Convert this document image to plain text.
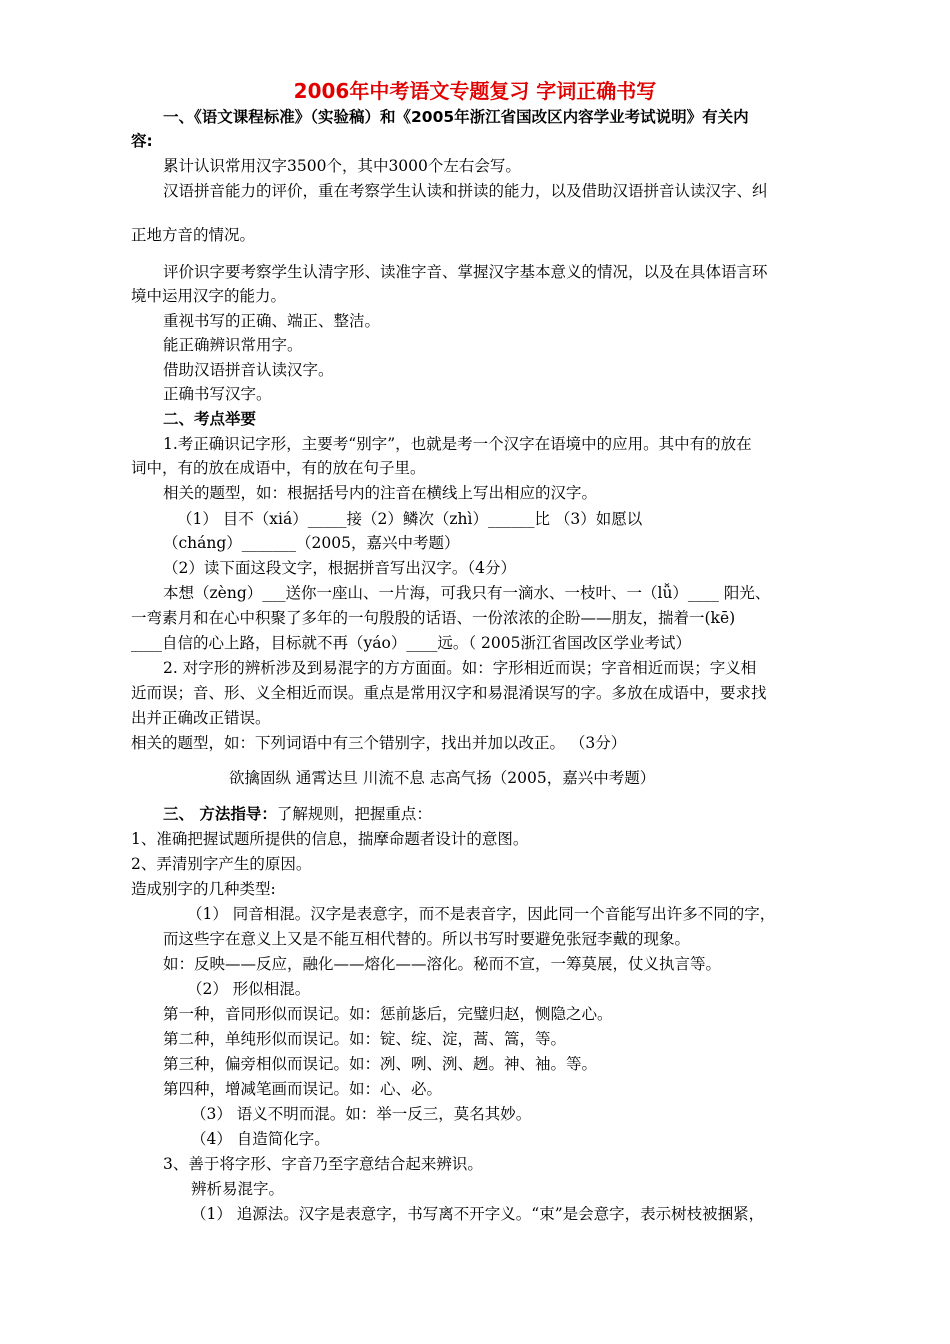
2006年中考语文专题复习 字词正确书写
一、《语文课程标准》（实验稿）和《2005年浙江省国改区内容学业考试说明》有关内
容:
累计认识常用汉字3500个，其中3000个左右会写。
汉语拼音能力的评价，重在考察学生认读和拼读的能力，以及借助汉语拼音认读汉字、纠
正地方音的情况。
评价识字要考察学生认清字形、读准字音、掌握汉字基本意义的情况，以及在具体语言环
境中运用汉字的能力。
重视书写的正确、端正、整洁。
能正确辨识常用字。
借助汉语拼音认读汉字。
正确书写汉字。
二、考点举要
1.考正确识记字形，主要考“别字”，也就是考一个汉字在语境中的应用。其中有的放在
词中，有的放在成语中，有的放在句子里。
相关的题型，如：根据括号内的注音在横线上写出相应的汉字。
（1） 目不（xiá）_____接（2）鳞次（zhì）______比 （3）如愿以
（cháng）_______（2005，嘉兴中考题）
（2）读下面这段文字，根据拼音写出汉字。（4分）
本想（zèng）___送你一座山、一片海，可我只有一滴水、一枝叶、一（lǚ）____ 阳光、
一弯素月和在心中积聚了多年的一句殷殷的话语、一份浓浓的企盼——朋友，揣着一(kē)
____自信的心上路，目标就不再（yáo）____远。（ 2005浙江省国改区学业考试）
2. 对字形的辨析涉及到易混字的方方面面。如：字形相近而误；字音相近而误；字义相
近而误；音、形、义全相近而误。重点是常用汉字和易混淆误写的字。多放在成语中，要求找
出并正确改正错误。
相关的题型，如：下列词语中有三个错别字，找出并加以改正。 （3分）
欲擒固纵 通霄达旦 川流不息 志高气扬（2005，嘉兴中考题）
三、 方法指导：了解规则，把握重点：
1、准确把握试题所提供的信息，揣摩命题者设计的意图。
2、弄清别字产生的原因。
造成别字的几种类型:
（1） 同音相混。汉字是表意字，而不是表音字，因此同一个音能写出许多不同的字，
而这些字在意义上又是不能互相代替的。所以书写时要避免张冠李戴的现象。
如：反映——反应，融化——熔化——溶化。秘而不宣，一筹莫展，仗义执言等。
（2） 形似相混。
第一种，音同形似而误记。如：惩前毖后，完璧归赵，恻隐之心。
第二种，单纯形似而误记。如：锭、绽、淀，蒿、篙，等。
第三种，偏旁相似而误记。如：冽、咧、洌、趔。神、袖。等。
第四种，增减笔画而误记。如：心、必。
（3） 语义不明而混。如：举一反三，莫名其妙。
（4） 自造简化字。
3、善于将字形、字音乃至字意结合起来辨识。
辨析易混字。
（1） 追源法。汉字是表意字，书写离不开字义。“束”是会意字，表示树枝被捆紧，
